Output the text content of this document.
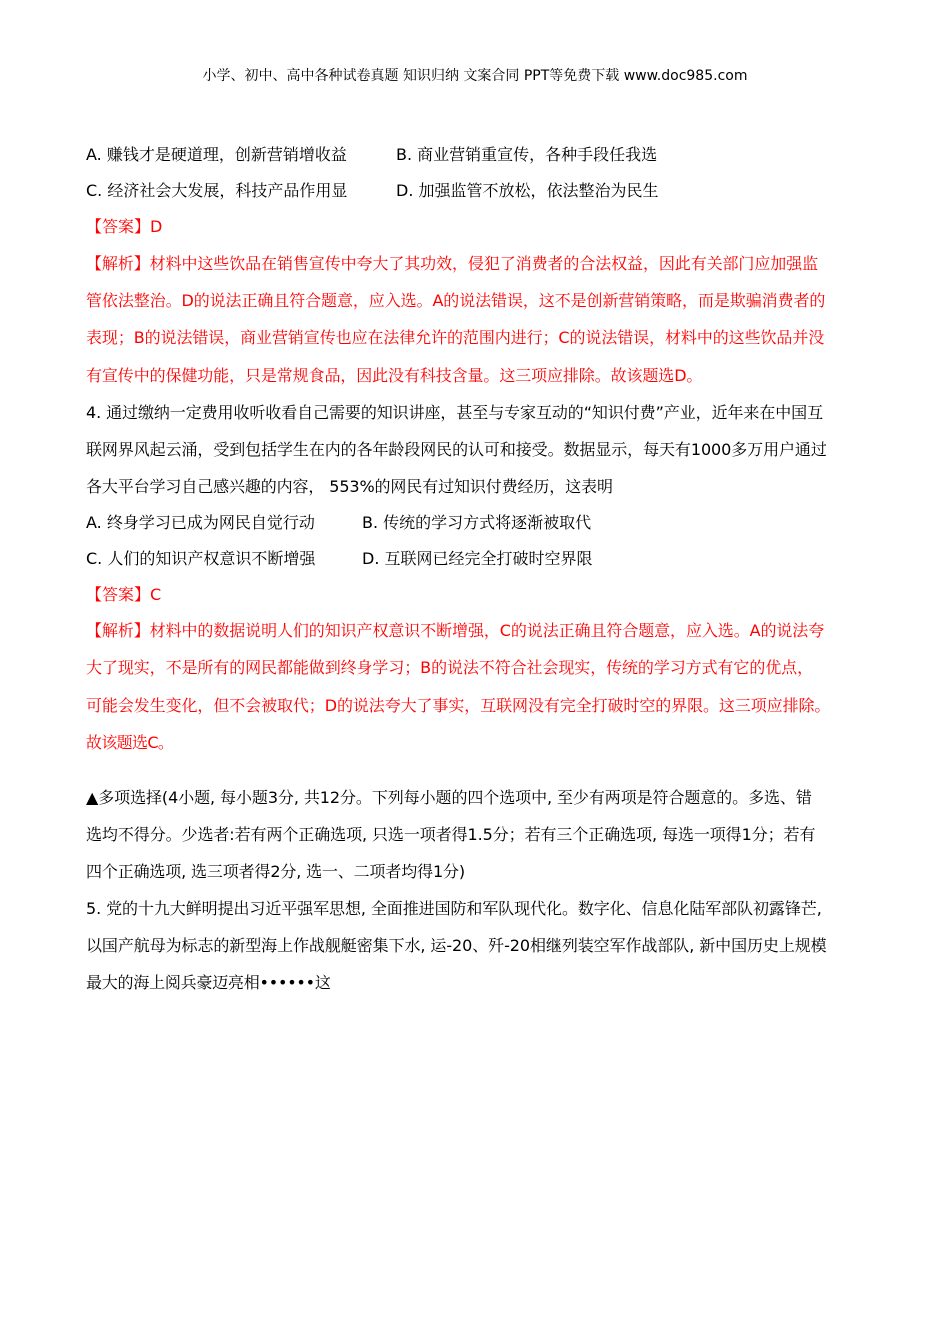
小学、初中、高中各种试卷真题 知识归纳 文案合同 PPT等免费下载 www.doc985.com
A. 赚钱才是硬道理，创新营销增收益	B. 商业营销重宣传，各种手段任我选
C. 经济社会大发展，科技产品作用显	D. 加强监管不放松，依法整治为民生
【答案】D
【解析】材料中这些饮品在销售宣传中夸大了其功效，侵犯了消费者的合法权益，因此有关部门应加强监
管依法整治。D的说法正确且符合题意，应入选。A的说法错误，这不是创新营销策略，而是欺骗消费者的
表现；B的说法错误，商业营销宣传也应在法律允许的范围内进行；C的说法错误，材料中的这些饮品并没
有宣传中的保健功能，只是常规食品，因此没有科技含量。这三项应排除。故该题选D。
4. 通过缴纳一定费用收听收看自己需要的知识讲座，甚至与专家互动的“知识付费”产业，近年来在中国互
联网界风起云涌，受到包括学生在内的各年龄段网民的认可和接受。数据显示，每天有1000多万用户通过
各大平台学习自己感兴趣的内容， 553%的网民有过知识付费经历，这表明
A. 终身学习已成为网民自觉行动	B. 传统的学习方式将逐渐被取代
C. 人们的知识产权意识不断增强	D. 互联网已经完全打破时空界限
【答案】C
【解析】材料中的数据说明人们的知识产权意识不断增强，C的说法正确且符合题意，应入选。A的说法夸
大了现实，不是所有的网民都能做到终身学习；B的说法不符合社会现实，传统的学习方式有它的优点，
可能会发生变化，但不会被取代；D的说法夸大了事实，互联网没有完全打破时空的界限。这三项应排除。
故该题选C。
▲多项选择(4小题, 每小题3分, 共12分。下列每小题的四个选项中, 至少有两项是符合题意的。多选、错
选均不得分。少选者:若有两个正确选项, 只选一项者得1.5分；若有三个正确选项, 每选一项得1分；若有
四个正确选项, 选三项者得2分, 选一、二项者均得1分)
5. 党的十九大鲜明提出习近平强军思想, 全面推进国防和军队现代化。数字化、信息化陆军部队初露锋芒,
以国产航母为标志的新型海上作战舰艇密集下水, 运-20、歼-20相继列装空军作战部队, 新中国历史上规模
最大的海上阅兵豪迈亮相••••••这
